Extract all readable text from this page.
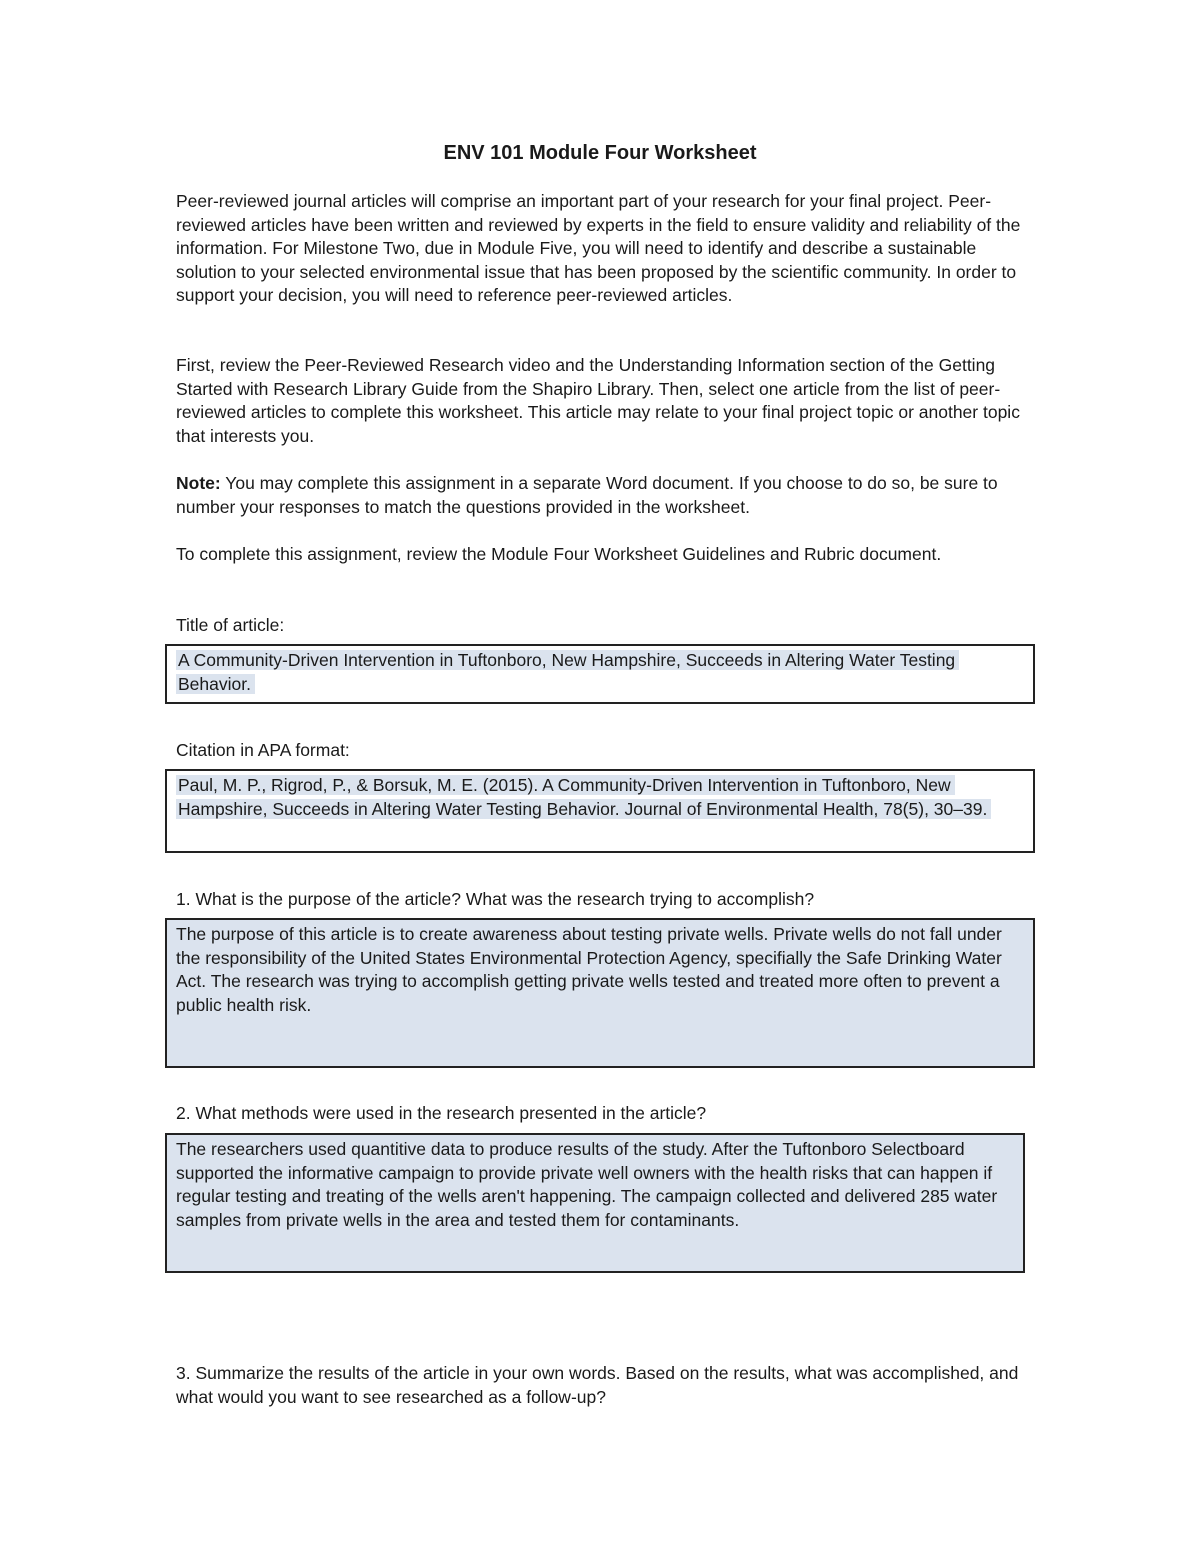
ENV 101 Module Four Worksheet

Peer-reviewed journal articles will comprise an important part of your research for your final project. Peer-reviewed articles have been written and reviewed by experts in the field to ensure validity and reliability of the information. For Milestone Two, due in Module Five, you will need to identify and describe a sustainable solution to your selected environmental issue that has been proposed by the scientific community. In order to support your decision, you will need to reference peer-reviewed articles.

First, review the Peer-Reviewed Research video and the Understanding Information section of the Getting Started with Research Library Guide from the Shapiro Library. Then, select one article from the list of peer-reviewed articles to complete this worksheet. This article may relate to your final project topic or another topic that interests you.

Note: You may complete this assignment in a separate Word document. If you choose to do so, be sure to number your responses to match the questions provided in the worksheet.

To complete this assignment, review the Module Four Worksheet Guidelines and Rubric document.

Title of article:
A Community-Driven Intervention in Tuftonboro, New Hampshire, Succeeds in Altering Water Testing Behavior.
Citation in APA format:
Paul, M. P., Rigrod, P., & Borsuk, M. E. (2015). A Community-Driven Intervention in Tuftonboro, New Hampshire, Succeeds in Altering Water Testing Behavior. Journal of Environmental Health, 78(5), 30–39.
1. What is the purpose of the article? What was the research trying to accomplish?
The purpose of this article is to create awareness about testing private wells. Private wells do not fall under the responsibility of the United States Environmental Protection Agency, specifially the Safe Drinking Water Act. The research was trying to accomplish getting private wells tested and treated more often to prevent a public health risk.
2. What methods were used in the research presented in the article?
The researchers used quantitive data to produce results of the study. After the Tuftonboro Selectboard supported the informative campaign to provide private well owners with the health risks that can happen if regular testing and treating of the wells aren't happening. The campaign collected and delivered 285 water samples from private wells in the area and tested them for contaminants.
3. Summarize the results of the article in your own words. Based on the results, what was accomplished, and what would you want to see researched as a follow-up?
